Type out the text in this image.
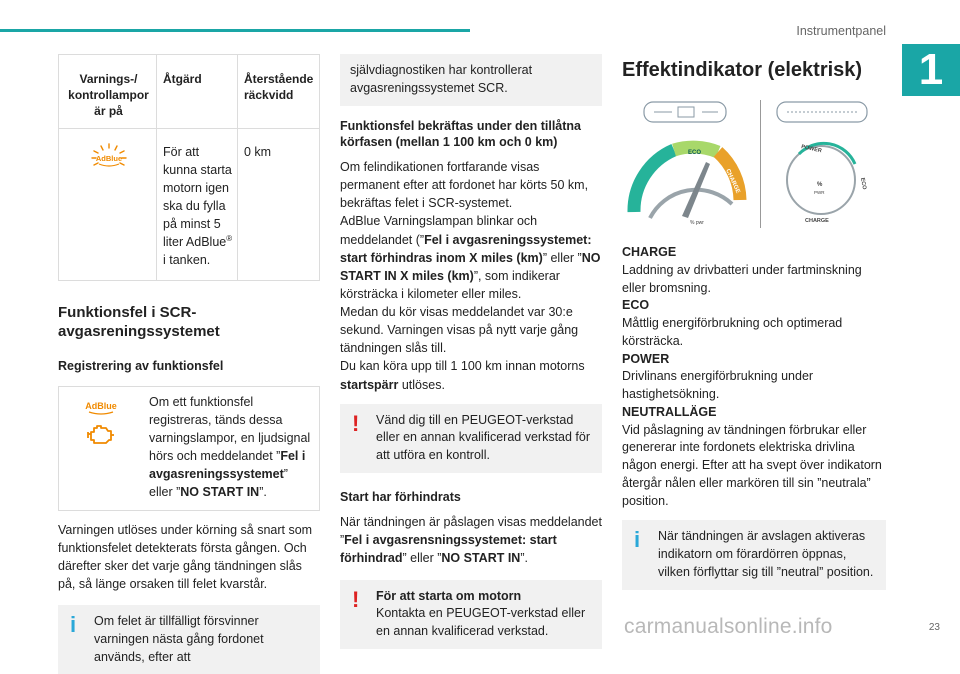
Instrumentpanel
1
Varnings-/ kontrollampor är på	Åtgärd	Återstående räckvidd

AdBlue	För att kunna starta motorn igen ska du fylla på minst 5 liter AdBlue® i tanken.	0 km
Funktionsfel i SCR-avgasreningssystemet
Registrering av funktionsfel
AdBlue	Om ett funktionsfel registreras, tänds dessa varningslampor, en ljudsignal hörs och meddelandet ”Fel i avgasreningssystemet” eller ”NO START IN”.
Varningen utlöses under körning så snart som funktionsfelet detekterats första gången. Och därefter sker det varje gång tändningen slås på, så länge orsaken till felet kvarstår.
i	Om felet är tillfälligt försvinner varningen nästa gång fordonet används, efter att
självdiagnostiken har kontrollerat avgasreningssystemet SCR.
Funktionsfel bekräftas under den tillåtna körfasen (mellan 1 100 km och 0 km)
Om felindikationen fortfarande visas permanent efter att fordonet har körts 50 km, bekräftas felet i SCR-systemet.
AdBlue Varningslampan blinkar och meddelandet (”Fel i avgasreningssystemet: start förhindras inom X miles (km)” eller ”NO START IN X miles (km)”, som indikerar körsträcka i kilometer eller miles.
Medan du kör visas meddelandet var 30:e sekund. Varningen visas på nytt varje gång tändningen slås till.
Du kan köra upp till 1 100 km innan motorns startspärr utlöses.
!	Vänd dig till en PEUGEOT-verkstad eller en annan kvalificerad verkstad för att utföra en kontroll.
Start har förhindrats
När tändningen är påslagen visas meddelandet ”Fel i avgasrensningssystemet: start förhindrad” eller ”NO START IN”.
!	För att starta om motorn
Kontakta en PEUGEOT-verkstad eller en annan kvalificerad verkstad.
Effektindikator (elektrisk)
POWER
ECO
CHARGE
% pwr
POWER
ECO
CHARGE
%
PWR
CHARGE
Laddning av drivbatteri under fartminskning eller bromsning.
ECO
Måttlig energiförbrukning och optimerad körsträcka.
POWER
Drivlinans energiförbrukning under hastighetsökning.
NEUTRALLÄGE
Vid påslagning av tändningen förbrukar eller genererar inte fordonets elektriska drivlina någon energi. Efter att ha svept över indikatorn återgår nålen eller markören till sin ”neutrala” position.
i	När tändningen är avslagen aktiveras indikatorn om förardörren öppnas, vilken förflyttar sig till ”neutral” position.
carmanualsonline.info	23
